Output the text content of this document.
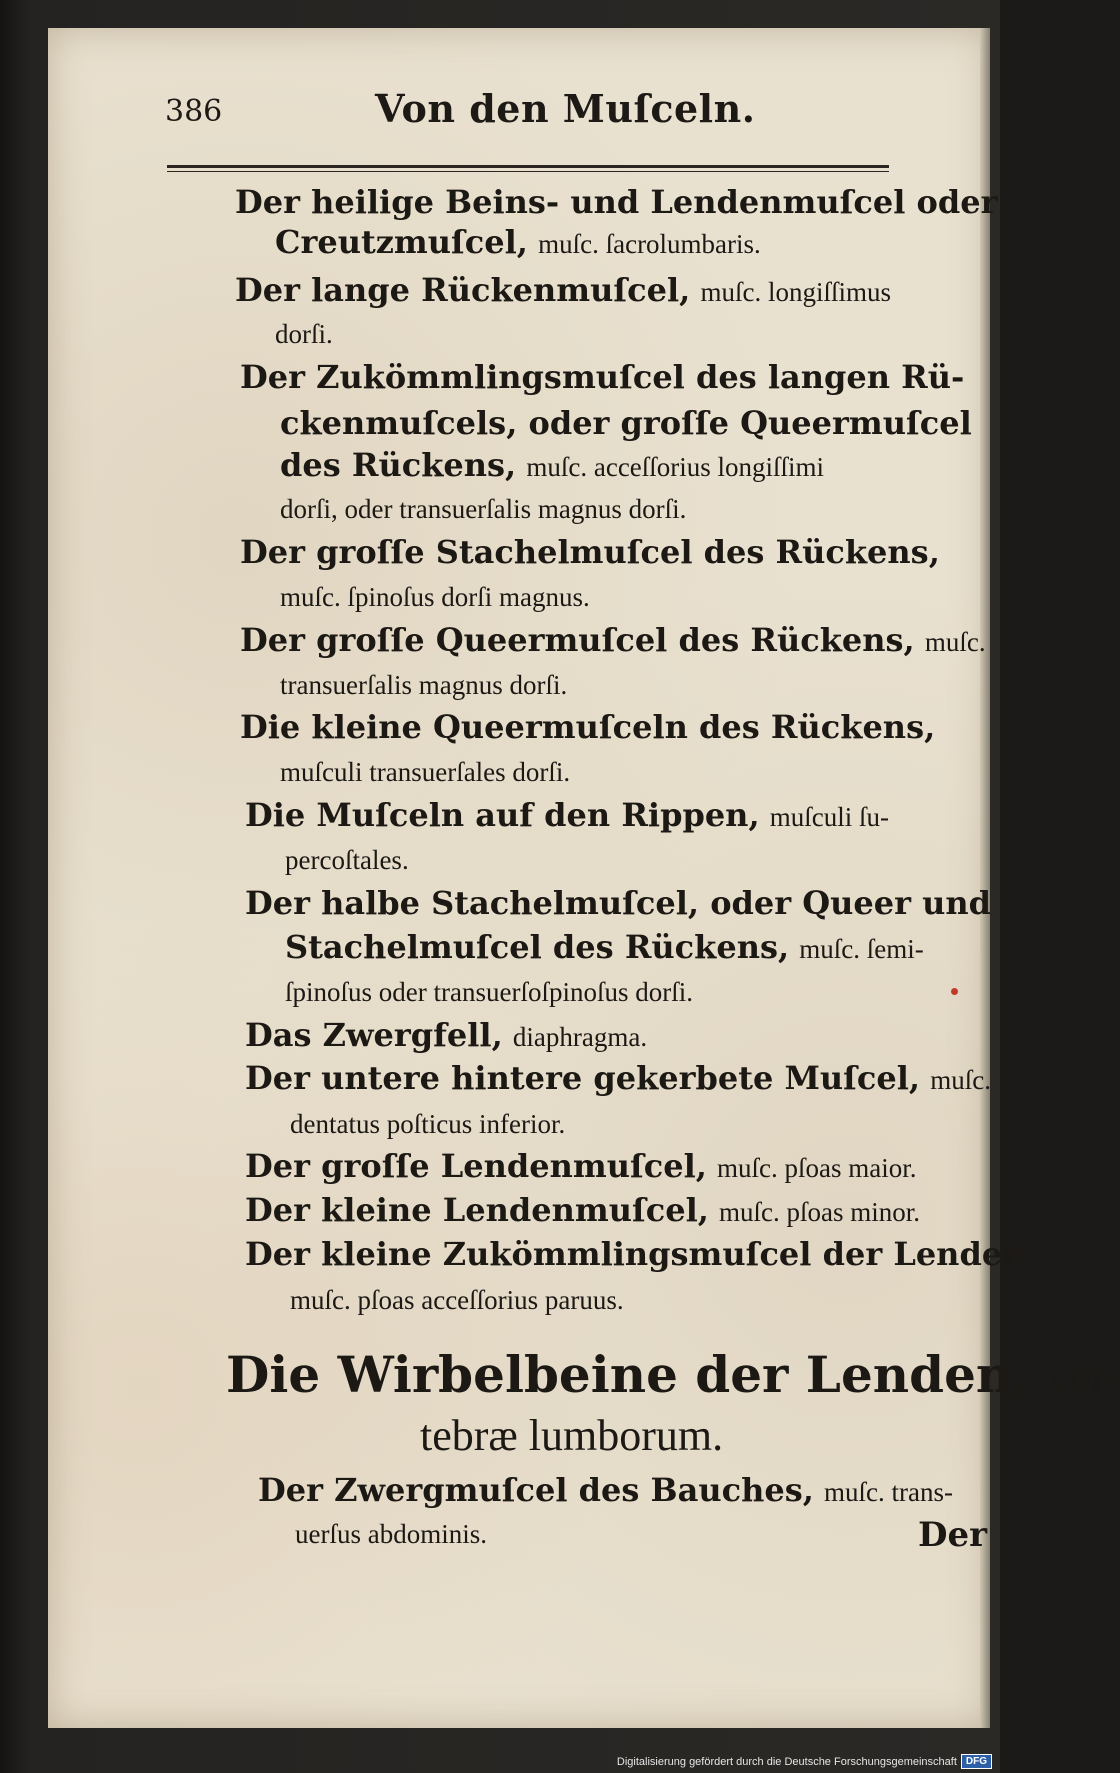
386	Von den Muſceln.
Der heilige Beins- und Lendenmuſcel oder
Creutzmuſcel, muſc. ſacrolumbaris.
Der lange Rückenmuſcel, muſc. longiſſimus
dorſi.
Der Zukömmlingsmuſcel des langen Rü-
ckenmuſcels, oder groſſe Queermuſcel
des Rückens, muſc. acceſſorius longiſſimi
dorſi, oder transuerſalis magnus dorſi.
Der groſſe Stachelmuſcel des Rückens,
muſc. ſpinoſus dorſi magnus.
Der groſſe Queermuſcel des Rückens, muſc.
transuerſalis magnus dorſi.
Die kleine Queermuſceln des Rückens,
muſculi transuerſales dorſi.
Die Muſceln auf den Rippen, muſculi ſu-
percoſtales.
Der halbe Stachelmuſcel, oder Queer und
Stachelmuſcel des Rückens, muſc. ſemi-
ſpinoſus oder transuerſoſpinoſus dorſi.
Das Zwergfell, diaphragma.
Der untere hintere gekerbete Muſcel, muſc.
dentatus poſticus inferior.
Der groſſe Lendenmuſcel, muſc. pſoas maior.
Der kleine Lendenmuſcel, muſc. pſoas minor.
Der kleine Zukömmlingsmuſcel der Lenden,
muſc. pſoas acceſſorius paruus.
Die Wirbelbeine der Lenden, ver-
tebræ lumborum.
Der Zwergmuſcel des Bauches, muſc. trans-
uerſus abdominis.	Der
Digitalisierung gefördert durch die Deutsche Forschungsgemeinschaft DFG
